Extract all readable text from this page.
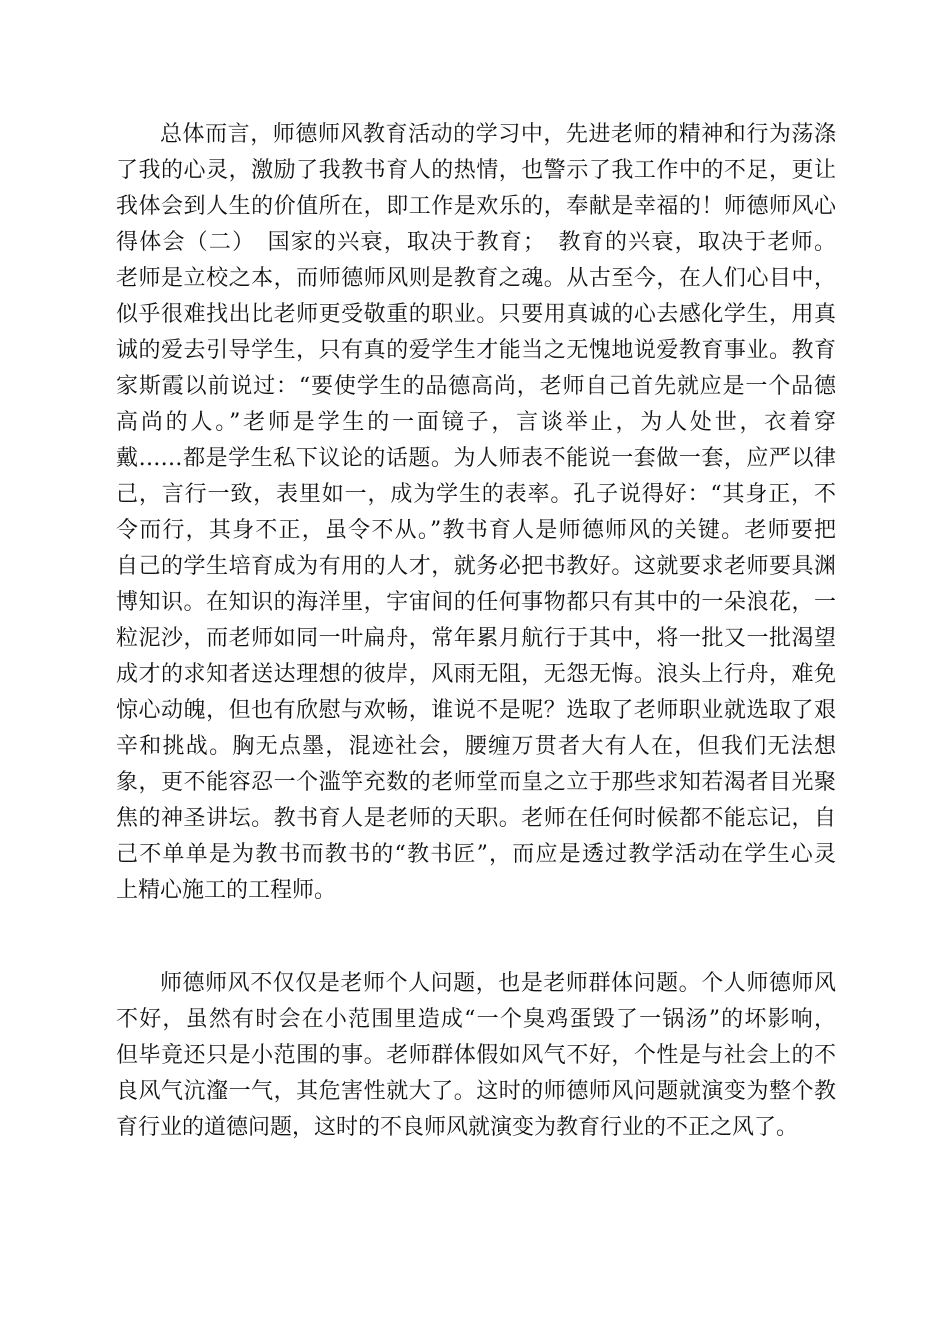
总体而言，师德师风教育活动的学习中，先进老师的精神和行为荡涤
了我的心灵，激励了我教书育人的热情，也警示了我工作中的不足，更让
我体会到人生的价值所在，即工作是欢乐的，奉献是幸福的！师德师风心
得体会（二）　国家的兴衰，取决于教育；　教育的兴衰，取决于老师。
老师是立校之本，而师德师风则是教育之魂。从古至今，在人们心目中，
似乎很难找出比老师更受敬重的职业。只要用真诚的心去感化学生，用真
诚的爱去引导学生，只有真的爱学生才能当之无愧地说爱教育事业。教育
家斯霞以前说过：“要使学生的品德高尚，老师自己首先就应是一个品德
高尚的人。”老师是学生的一面镜子，言谈举止，为人处世，衣着穿
戴……都是学生私下议论的话题。为人师表不能说一套做一套，应严以律
己，言行一致，表里如一，成为学生的表率。孔子说得好：“其身正，不
令而行，其身不正，虽令不从。”教书育人是师德师风的关键。老师要把
自己的学生培育成为有用的人才，就务必把书教好。这就要求老师要具渊
博知识。在知识的海洋里，宇宙间的任何事物都只有其中的一朵浪花，一
粒泥沙，而老师如同一叶扁舟，常年累月航行于其中，将一批又一批渴望
成才的求知者送达理想的彼岸，风雨无阻，无怨无悔。浪头上行舟，难免
惊心动魄，但也有欣慰与欢畅，谁说不是呢？选取了老师职业就选取了艰
辛和挑战。胸无点墨，混迹社会，腰缠万贯者大有人在，但我们无法想
象，更不能容忍一个滥竽充数的老师堂而皇之立于那些求知若渴者目光聚
焦的神圣讲坛。教书育人是老师的天职。老师在任何时候都不能忘记，自
己不单单是为教书而教书的“教书匠”，而应是透过教学活动在学生心灵
上精心施工的工程师。
师德师风不仅仅是老师个人问题，也是老师群体问题。个人师德师风
不好，虽然有时会在小范围里造成“一个臭鸡蛋毁了一锅汤”的坏影响，
但毕竟还只是小范围的事。老师群体假如风气不好，个性是与社会上的不
良风气沆瀣一气，其危害性就大了。这时的师德师风问题就演变为整个教
育行业的道德问题，这时的不良师风就演变为教育行业的不正之风了。
